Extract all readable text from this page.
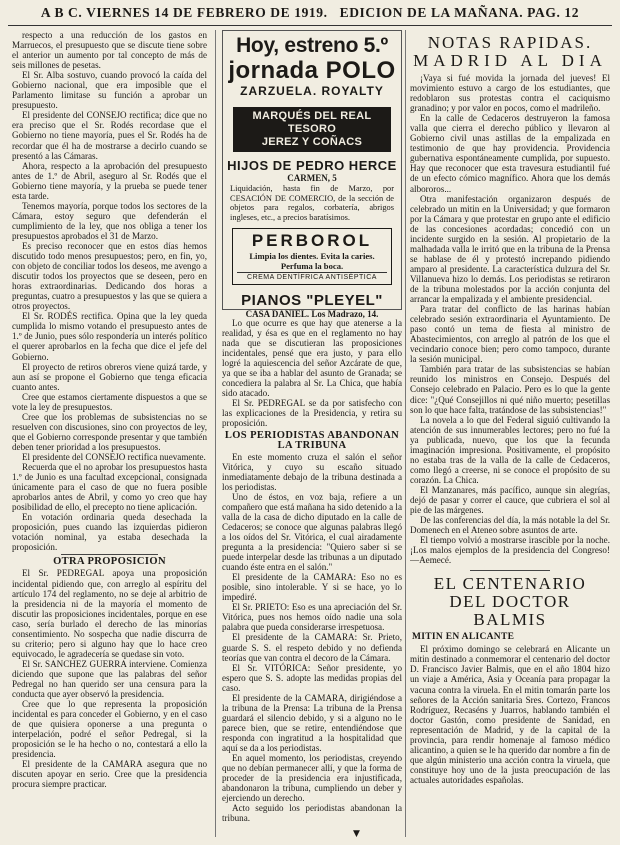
A B C. VIERNES 14 DE FEBRERO DE 1919. EDICION DE LA MAÑANA. PAG. 12

respecto a una reducción de los gastos en Marruecos, el presupuesto que se discute tiene sobre el anterior un aumento por tal concepto de más de seis millones de pesetas.

El Sr. Alba sostuvo, cuando provocó la caída del Gobierno nacional, que era imposible que el Parlamento limitase su función a aprobar un presupuesto.

El presidente del CONSEJO rectifica; dice que no era preciso que el Sr. Rodés recordase que el Gobierno no tiene mayoría, pues el Sr. Rodés ha de recordar que él ha de mostrarse a decirlo cuando se presentó a las Cámaras.

Ahora, respecto a la aprobación del presupuesto antes de 1.º de Abril, aseguro al Sr. Rodés que el Gobierno tiene mayoría, y la prueba se puede tener esta tarde.

Tenemos mayoría, porque todos los sectores de la Cámara, estoy seguro que defenderán el cumplimiento de la ley, que nos obliga a tener los presupuestos aprobados el 31 de Marzo.

Es preciso reconocer que en estos días hemos discutido todo menos presupuestos; pero, en fin, yo, con objeto de conciliar todos los deseos, me avengo a discutir todos los proyectos que se deseen, pero en horas extraordinarias. Dedicando dos horas a preguntas, cuatro a presupuestos y las que se quiera a otros proyectos.

El Sr. RODÉS rectifica. Opina que la ley queda cumplida lo mismo votando el presupuesto antes de 1.º de Junio, pues sólo respondería un interés político el querer aprobarlos en la fecha que dice el jefe del Gobierno.

El proyecto de retiros obreros viene quizá tarde, y aun así se propone el Gobierno que tenga eficacia cuanto antes.

Cree que estamos ciertamente dispuestos a que se vote la ley de presupuestos.

Cree que los problemas de subsistencias no se resuelven con discusiones, sino con proyectos de ley, que el Gobierno corresponde presentar y que también deben tener prioridad a los presupuestos.

El presidente del CONSEJO rectifica nuevamente.

Recuerda que el no aprobar los presupuestos hasta 1.º de Junio es una facultad excepcional, consignada únicamente para el caso de que no fuera posible aprobarlos antes de Abril, y como yo creo que hay posibilidad de ello, el precepto no tiene aplicación.

En votación ordinaria queda desechada la proposición, pues cuando las izquierdas pidieron votación nominal, ya estaba desechada la proposición.

OTRA PROPOSICION

El Sr. PEDREGAL apoya una proposición incidental pidiendo que, con arreglo al espíritu del artículo 174 del reglamento, no se deje al arbitrio de la presidencia ni de la mayoría el momento de discutir las proposiciones incidentales, porque en ese caso, sería burlado el derecho de las minorías consentimiento. No sospecha que nadie discurra de su criterio; pero si alguno hay que lo hace creo equivocado, le agradecería se quedase sin voto.

El Sr. SANCHEZ GUERRA interviene. Comienza diciendo que supone que las palabras del señor Pedregal no han querido ser una censura para la conducta que ayer observó la presidencia.

Cree que lo que representa la proposición incidental es para conceder el Gobierno, y en el caso de que quisiera oponerse a una pregunta o interpelación, podré el señor Pedregal, si la proposición se le ha hecho o no, contestará a ello la presidencia.

El presidente de la CAMARA asegura que no discuten apoyar en serio. Cree que la presidencia procura siempre practicar.

Hoy, estreno 5.º
jornada POLO
ZARZUELA. ROYALTY
MARQUÉS DEL REAL TESORO
JEREZ Y COÑACS
HIJOS DE PEDRO HERCE
CARMEN, 5
Liquidación, hasta fin de Marzo, por CESACIÓN DE COMERCIO, de la sección de objetos para regalos, corbatería, abrigos ingleses, etc., a precios baratísimos.
PERBOROL
Limpia los dientes. Evita la caries.
Perfuma la boca.
CREMA DENTÍFRICA ANTISÉPTICA
PIANOS "PLEYEL"
CASA DANIEL. Los Madrazo, 14.

Lo que ocurre es que hay que atenerse a la realidad, y ésa es que en el reglamento no hay nada que se discutieran las proposiciones incidentales, pensé que era justo, y para ello logré la aquiescencia del señor Azcárate de que, ya que se iba a hablar del asunto de Granada; se concediera la palabra al Sr. La Chica, que había sido atacado.

El Sr. PEDREGAL se da por satisfecho con las explicaciones de la Presidencia, y retira su proposición.

LOS PERIODISTAS ABANDONAN LA TRIBUNA

En este momento cruza el salón el señor Vitórica, y cuyo su escaño situado inmediatamente debajo de la tribuna destinada a los periodistas.

Uno de éstos, en voz baja, refiere a un compañero que está mañana ha sido detenido a la valla de la casa de dicho diputado en la calle de Cedaceros; se conoce que algunas palabras llegó a los oídos del Sr. Vitórica, el cual airadamente pregunta a la presidencia: "Quiero saber si se puede interpelar desde las tribunas a un diputado cuando éste entra en el salón."

El presidente de la CAMARA: Eso no es posible, sino intolerable. Y si se hace, yo lo impediré.

El Sr. PRIETO: Eso es una apreciación del Sr. Vitórica, pues nos hemos oído nadie una sola palabra que pueda considerarse irrespetuosa.

El presidente de la CAMARA: Sr. Prieto, guarde S. S. el respeto debido y no defienda teorías que van contra el decoro de la Cámara.

El Sr. VITÓRICA: Señor presidente, yo espero que S. S. adopte las medidas propias del caso.

El presidente de la CAMARA, dirigiéndose a la tribuna de la Prensa: La tribuna de la Prensa guardará el silencio debido, y si a alguno no le parece bien, que se retire, entendiéndose que responda con ingratitud a la hospitalidad que aquí se da a los periodistas.

En aquel momento, los periodistas, creyendo que no debían permanecer allí, y que la forma de proceder de la presidencia era injustificada, abandonaron la tribuna, cumpliendo un deber y ejerciendo un derecho.

Acto seguido los periodistas abandonan la tribuna.

NOTAS RAPIDAS.
MADRID AL DIA

¡Vaya si fué movida la jornada del jueves! El movimiento estuvo a cargo de los estudiantes, que redoblaron sus protestas contra el caciquismo granadino; y por valor en pocos, como el madrileño.

En la calle de Cedaceros destruyeron la famosa valla que cierra el derecho público y llevaron al Gobierno civil unas astillas de la empalizada en testimonio de que hay providencia. Providencia gubernativa espontáneamente cumplida, por supuesto. Hay que reconocer que esta travesura estudiantil fué de un efecto cómico magnífico. Ahora que los demás albororos...

Otra manifestación organizaron después de celebrado un mitin en la Universidad; y que formaron por la Cámara y que protestar en grupo ante el edificio de las concesiones acordadas; concedió con un incidente surgido en la sesión. Al propietario de la malhadada valla le irritó que en la tribuna de la Prensa se hablase de él y protestó increpando pidiendo amparo al presidente. La característica dulzura del Sr. Villanueva hizo lo demás. Los periodistas se retiraron de la tribuna molestados por la acción conjunta del arrancar la empalizada y el ambiente presidencial.

Para tratar del conflicto de las harinas habían celebrado sesión extraordinaria el Ayuntamiento. De paso contó un tema de fiesta al ministro de Abastecimientos, con arreglo al patrón de los que el vecindario conoce bien; pero como tampoco, durante la sesión municipal.

También para tratar de las subsistencias se habían reunido los ministros en Consejo. Después del Consejo celebrado en Palacio. Pero es lo que la gente dice: "¿Qué Consejillos ni qué niño muerto; pesetillas son lo que hace falta, tratándose de las subsistencias!"

La novela a lo que del Federal siguió cultivando la atención de sus innumerables lectores; pero no fué la ya publicada, nuevo, que los que la fecunda imaginación impresiona. Positivamente, el propósito no estaba tras de la valla de la calle de Cedaceros, como llegó a creerse, ni se conoce el propósito de su corazón. La Chica.

El Manzanares, más pacífico, aunque sin alegrías, dejó de pasar y correr el cauce, que cubriera el sol al pie de las márgenes.

De las conferencias del día, la más notable la del Sr. Domenech en el Ateneo sobre asuntos de arte.

El tiempo volvió a mostrarse irascible por la noche. ¡Los malos ejemplos de la presidencia del Congreso!—Aemecé.

EL CENTENARIO
DEL DOCTOR BALMIS
MITIN EN ALICANTE

El próximo domingo se celebrará en Alicante un mitin destinado a conmemorar el centenario del doctor D. Francisco Javier Balmis, que en el año 1804 hizo un viaje a América, Asia y Oceanía para propagar la vacuna contra la viruela. En el mitin tomarán parte los señores de la Acción sanitaria Sres. Cortezo, Francos Rodríguez, Recaséns y Juarros, hablando también el doctor Gastón, como presidente de Sanidad, en representación de Madrid, y de la capital de la provincia, para rendir homenaje al famoso médico alicantino, a quien se le ha querido dar nombre a fin de que algún ministerio una acción contra la viruela, que constituye hoy uno de la justa preocupación de las actuales autoridades españolas.

▼
